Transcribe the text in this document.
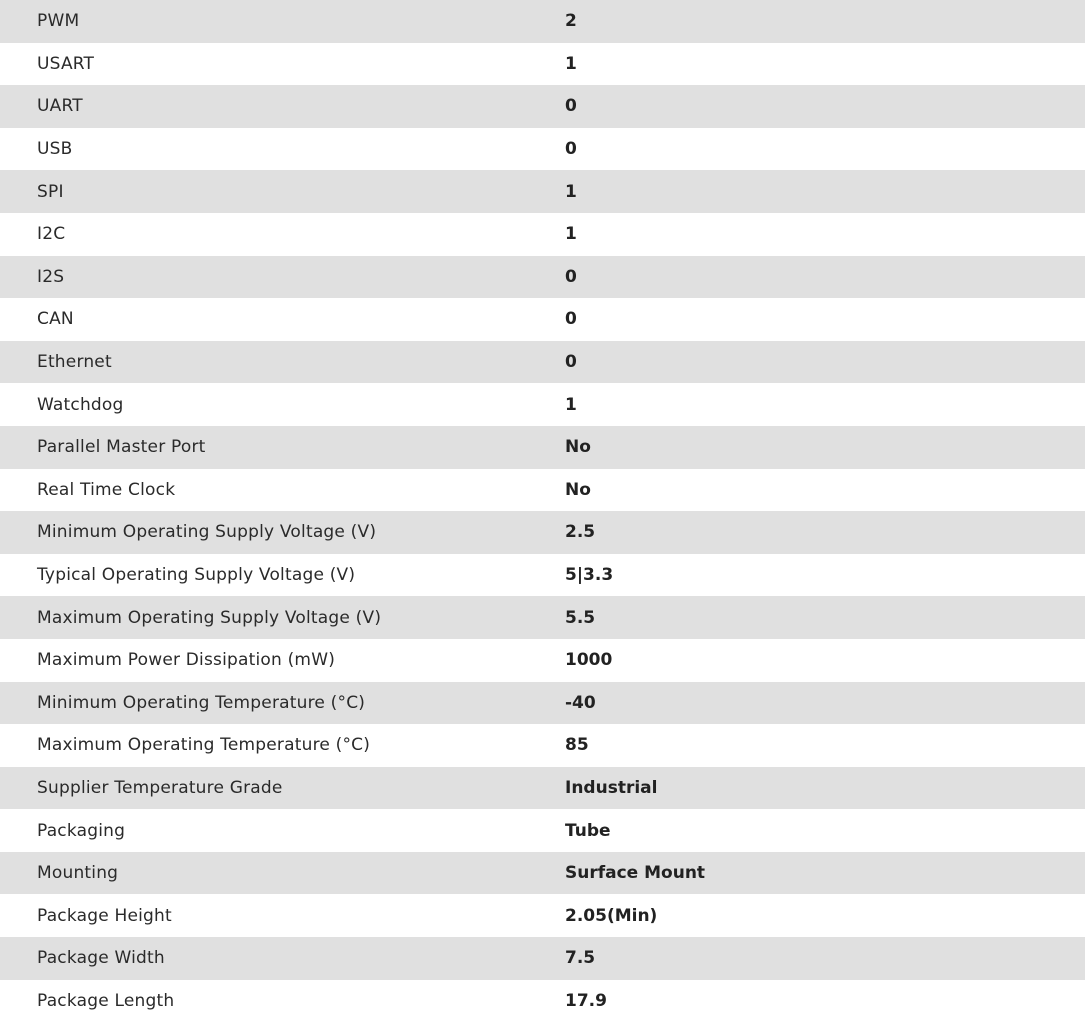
PWM	2
USART	1
UART	0
USB	0
SPI	1
I2C	1
I2S	0
CAN	0
Ethernet	0
Watchdog	1
Parallel Master Port	No
Real Time Clock	No
Minimum Operating Supply Voltage (V)	2.5
Typical Operating Supply Voltage (V)	5|3.3
Maximum Operating Supply Voltage (V)	5.5
Maximum Power Dissipation (mW)	1000
Minimum Operating Temperature (°C)	-40
Maximum Operating Temperature (°C)	85
Supplier Temperature Grade	Industrial
Packaging	Tube
Mounting	Surface Mount
Package Height	2.05(Min)
Package Width	7.5
Package Length	17.9
